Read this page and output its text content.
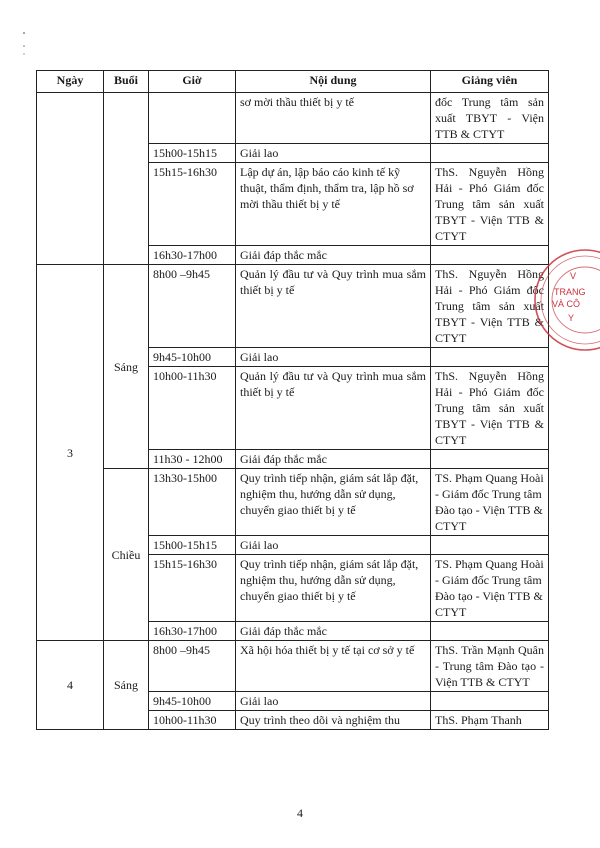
Ngày	Buổi	Giờ	Nội dung	Giảng viên
			sơ mời thầu thiết bị y tế	đốc Trung tâm sản xuất TBYT - Viện TTB & CTYT
		15h00-15h15	Giải lao	
		15h15-16h30	Lập dự án, lập báo cáo kinh tế kỹ thuật, thẩm định, thẩm tra, lập hồ sơ mời thầu thiết bị y tế	ThS. Nguyễn Hồng Hải - Phó Giám đốc Trung tâm sản xuất TBYT - Viện TTB & CTYT
		16h30-17h00	Giải đáp thắc mắc	
3	Sáng	8h00 –9h45	Quản lý đầu tư và Quy trình mua sắm thiết bị y tế	ThS. Nguyễn Hồng Hải - Phó Giám đốc Trung tâm sản xuất TBYT - Viện TTB & CTYT
		9h45-10h00	Giải lao	
		10h00-11h30	Quản lý đầu tư và Quy trình mua sắm thiết bị y tế	ThS. Nguyễn Hồng Hải - Phó Giám đốc Trung tâm sản xuất TBYT - Viện TTB & CTYT
		11h30 - 12h00	Giải đáp thắc mắc	
	Chiều	13h30-15h00	Quy trình tiếp nhận, giám sát lắp đặt, nghiệm thu, hướng dẫn sử dụng, chuyển giao thiết bị y tế	TS. Phạm Quang Hoài - Giám đốc Trung tâm Đào tạo - Viện TTB & CTYT
		15h00-15h15	Giải lao	
		15h15-16h30	Quy trình tiếp nhận, giám sát lắp đặt, nghiệm thu, hướng dẫn sử dụng, chuyển giao thiết bị y tế	TS. Phạm Quang Hoài - Giám đốc Trung tâm Đào tạo - Viện TTB & CTYT
		16h30-17h00	Giải đáp thắc mắc	
4	Sáng	8h00 –9h45	Xã hội hóa thiết bị y tế tại cơ sở y tế	ThS. Trần Mạnh Quân - Trung tâm Đào tạo - Viện TTB & CTYT
		9h45-10h00	Giải lao	
		10h00-11h30	Quy trình theo dõi và nghiệm thu	ThS. Phạm Thanh
V
TRANG
VÀ CÔ
Y
4
